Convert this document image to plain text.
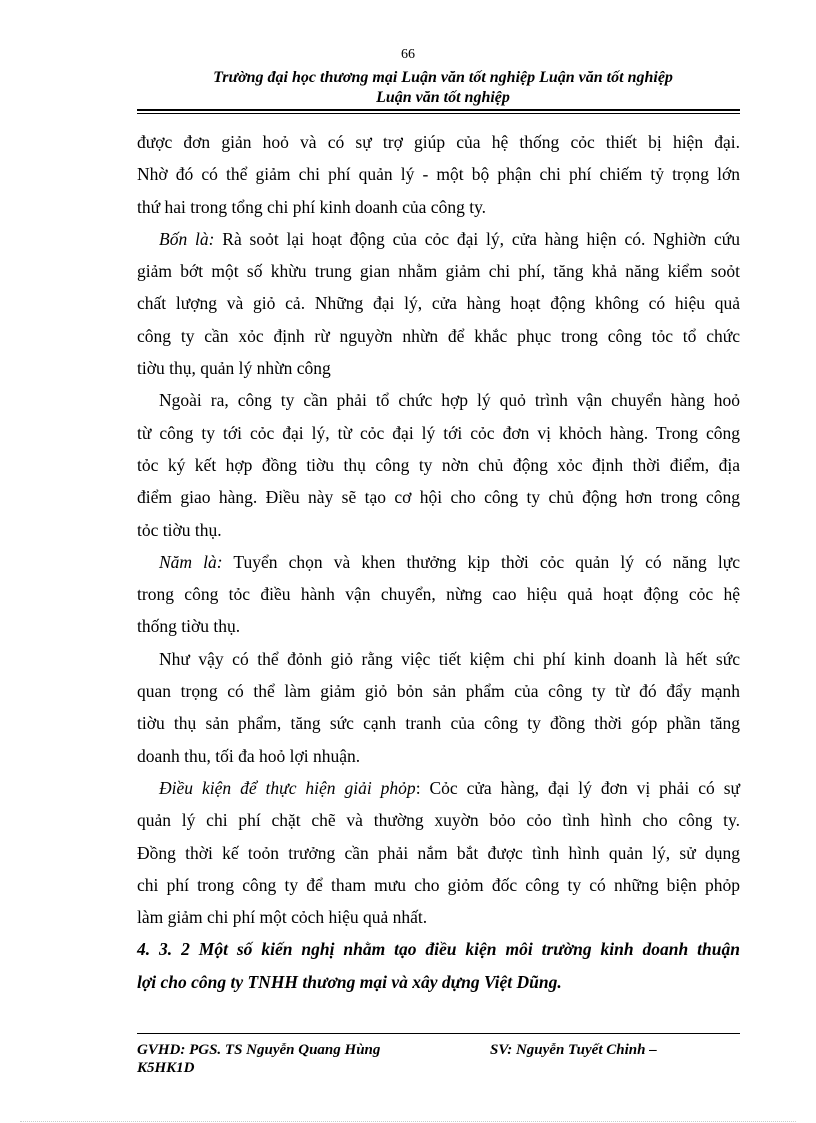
66
Trường đại học thương mại Luận văn tốt nghiệp Luận văn tốt nghiệp
Luận văn tốt nghiệp
được đơn giản hoỏ và có sự trợ giúp của hệ thống cỏc thiết bị hiện đại.
Nhờ đó có thể giảm chi phí quản lý - một bộ phận chi phí chiếm tỷ trọng lớn
thứ hai trong tổng chi phí kinh doanh của công ty.
Bốn là: Rà soỏt lại hoạt động của cỏc đại lý, cửa hàng hiện có. Nghiờn cứu
giảm bớt một số khừu trung gian nhằm giảm chi phí, tăng khả năng kiểm soỏt
chất lượng và giỏ cả. Những đại lý, cửa hàng hoạt động không có hiệu quả
công ty cần xỏc định rừ nguyờn nhừn để khắc phục trong công tỏc tổ chức
tiờu thụ, quản lý nhừn công
Ngoài ra, công ty cần phải tổ chức hợp lý quỏ trình vận chuyển hàng hoỏ
từ công ty tới cỏc đại lý, từ cỏc đại lý tới cỏc đơn vị khỏch hàng. Trong công
tỏc ký kết hợp đồng tiờu thụ công ty nờn chủ động xỏc định thời điểm, địa
điểm giao hàng. Điều này sẽ tạo cơ hội cho công ty chủ động hơn trong công
tỏc tiờu thụ.
Năm là: Tuyển chọn và khen thưởng kịp thời cỏc quản lý có năng lực
trong công tỏc điều hành vận chuyển, nừng cao hiệu quả hoạt động cỏc hệ
thống tiờu thụ.
Như vậy có thể đỏnh giỏ rằng việc tiết kiệm chi phí kinh doanh là hết sức
quan trọng có thể làm giảm giỏ bỏn sản phẩm của công ty từ đó đẩy mạnh
tiờu thụ sản phẩm, tăng sức cạnh tranh của công ty đồng thời góp phần tăng
doanh thu, tối đa hoỏ lợi nhuận.
Điều kiện để thực hiện giải phỏp: Cỏc cửa hàng, đại lý đơn vị phải có sự
quản lý chi phí chặt chẽ và thường xuyờn bỏo cỏo tình hình cho công ty.
Đồng thời kế toỏn trưởng cần phải nắm bắt được tình hình quản lý, sử dụng
chi phí trong công ty để tham mưu cho giỏm đốc công ty có những biện phỏp
làm giảm chi phí một cỏch hiệu quả nhất.
4. 3. 2 Một số kiến nghị nhằm tạo điều kiện môi trường kinh doanh thuận
lợi cho công ty TNHH thương mại và xây dựng Việt Dũng.
GVHD: PGS. TS Nguyễn Quang Hùng	SV: Nguyễn Tuyết Chinh –
K5HK1D
